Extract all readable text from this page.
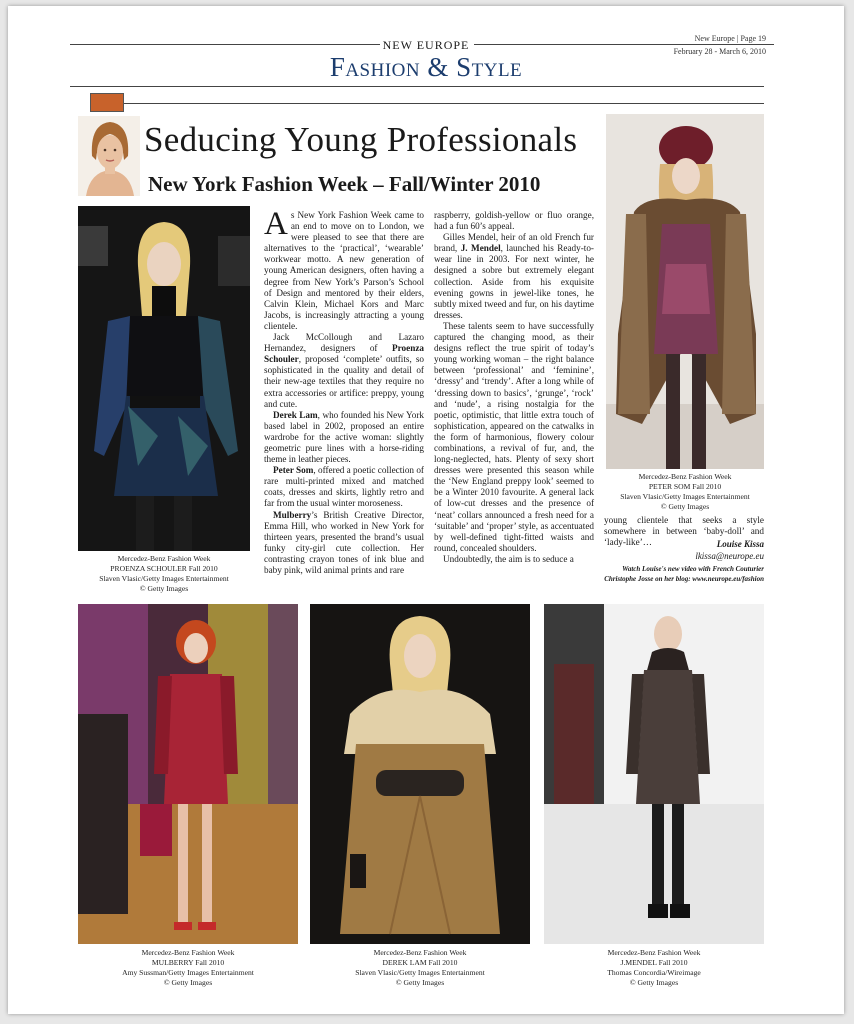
NEW EUROPE
Fashion & Style
New Europe | Page 19
February 28 - March 6, 2010
Seducing Young Professionals
New York Fashion Week – Fall/Winter 2010
Mercedez-Benz Fashion Week
PROENZA SCHOULER Fall 2010
Slaven Vlasic/Getty Images Entertainment
© Getty Images

As New York Fashion Week came to an end to move on to London, we were pleased to see that there are alternatives to the ‘practical’, ‘wearable’ workwear motto. A new generation of young American designers, often having a degree from New York’s Parson’s School of Design and mentored by their elders, Calvin Klein, Michael Kors and Marc Jacobs, is increasingly attracting a young clientele.

Jack McCollough and Lazaro Hernandez, designers of Proenza Schouler, proposed ‘complete’ outfits, so sophisticated in the quality and detail of their new-age textiles that they require no extra accessories or artifice: preppy, young and cute.

Derek Lam, who founded his New York based label in 2002, proposed an entire wardrobe for the active woman: slightly geometric pure lines with a horse-riding theme in leather pieces.

Peter Som, offered a poetic collection of rare multi-printed mixed and matched coats, dresses and skirts, lightly retro and far from the usual winter moroseness.

Mulberry’s British Creative Director, Emma Hill, who worked in New York for thirteen years, presented the brand’s usual funky city-girl cute collection. Her contrasting crayon tones of ink blue and baby pink, wild animal prints and rare

raspberry, goldish-yellow or fluo orange, had a fun 60’s appeal.

Gilles Mendel, heir of an old French fur brand, J. Mendel, launched his Ready-to-wear line in 2003. For next winter, he designed a sobre but extremely elegant collection. Aside from his exquisite evening gowns in jewel-like tones, he subtly mixed tweed and fur, on his daytime dresses.

These talents seem to have successfully captured the changing mood, as their designs reflect the true spirit of today’s young working woman – the right balance between ‘professional’ and ‘feminine’, ‘dressy’ and ‘trendy’. After a long while of ‘dressing down to basics’, ‘grunge’, ‘rock’ and ‘nude’, a rising nostalgia for the poetic, optimistic, that little extra touch of sophistication, appeared on the catwalks in the form of harmonious, flowery colour combinations, a revival of fur, and, the long-neglected, hats. Plenty of sexy short dresses were presented this season while the ‘New England preppy look’ seemed to be a Winter 2010 favourite. A general lack of low-cut dresses and the presence of ‘neat’ collars announced a fresh need for a ‘suitable’ and ‘proper’ style, as accentuated by well-defined tight-fitted waists and round, concealed shoulders.

Undoubtedly, the aim is to seduce a

Mercedez-Benz Fashion Week
PETER SOM Fall 2010
Slaven Vlasic/Getty Images Entertainment
© Getty Images

young clientele that seeks a style somewhere in between ‘baby-doll’ and ‘lady-like’…	Louise Kissa
lkissa@neurope.eu
Watch Louise's new video with French Couturier Christophe Josse on her blog: www.neurope.eu/fashion
Mercedez-Benz Fashion Week
MULBERRY Fall 2010
Amy Sussman/Getty Images Entertainment
© Getty Images
Mercedez-Benz Fashion Week
DEREK LAM Fall 2010
Slaven Vlasic/Getty Images Entertainment
© Getty Images
Mercedez-Benz Fashion Week
J.MENDEL Fall 2010
Thomas Concordia/Wireimage
© Getty Images
